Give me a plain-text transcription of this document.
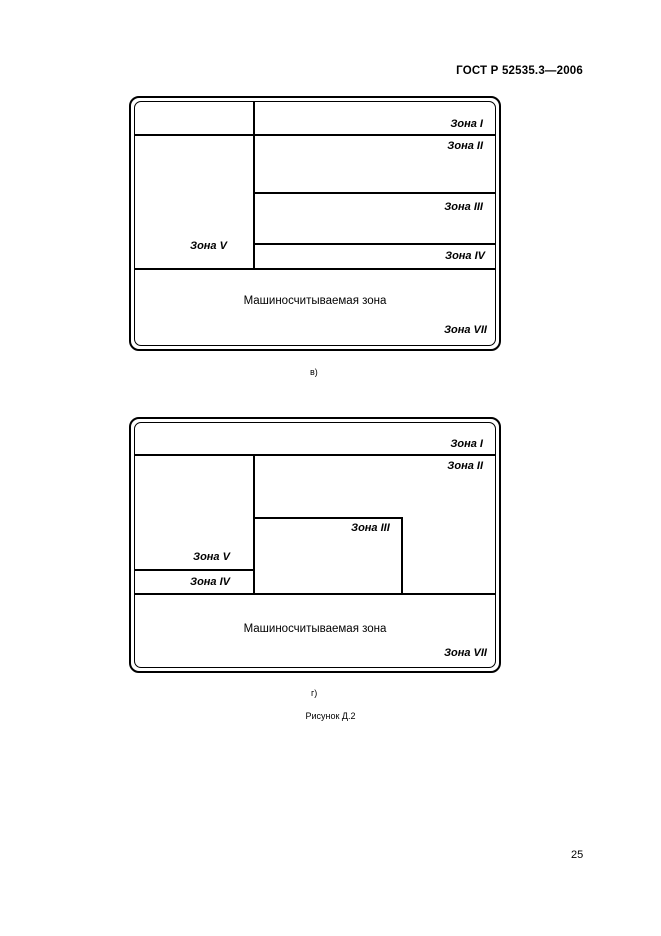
ГОСТ Р 52535.3—2006
Зона I
Зона II
Зона III
Зона IV
Зона V
Машиносчитываемая зона
Зона VII
в)
Зона I
Зона II
Зона III
Зона V
Зона IV
Машиносчитываемая зона
Зона VII
г)
Рисунок Д.2
25
